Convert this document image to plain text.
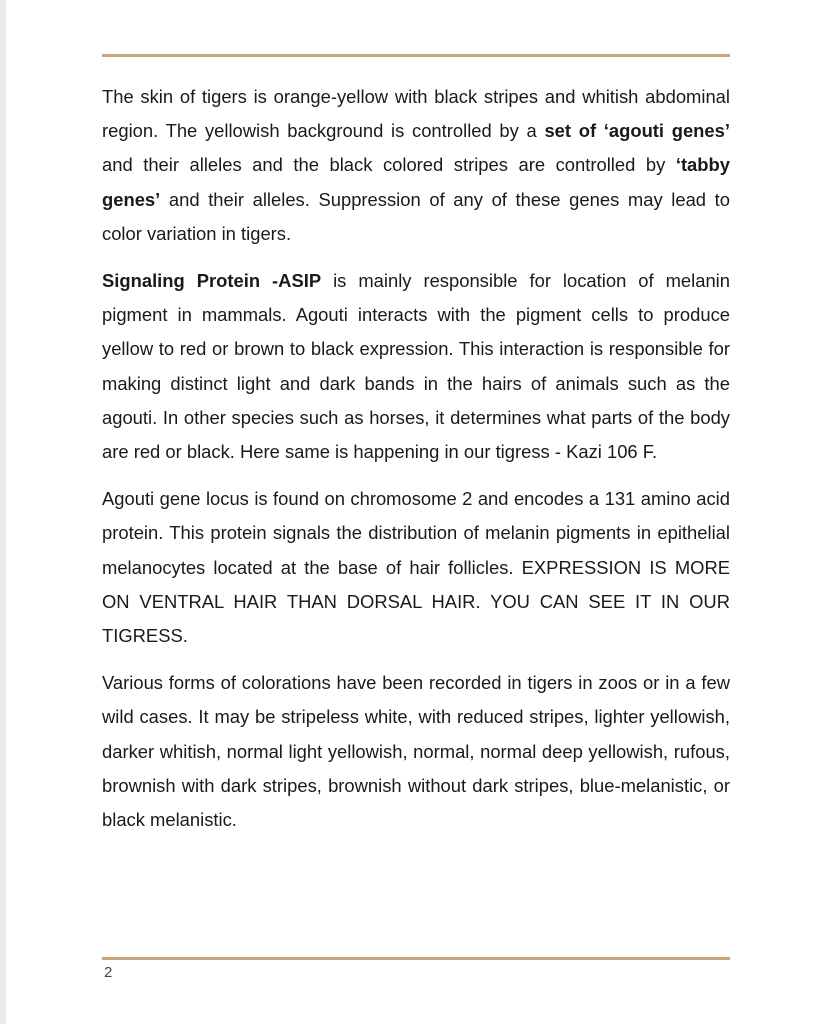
The skin of tigers is orange-yellow with black stripes and whitish abdominal region. The yellowish background is controlled by a set of ‘agouti genes’ and their alleles and the black colored stripes are controlled by ‘tabby genes’ and their alleles. Suppression of any of these genes may lead to color variation in tigers.

Signaling Protein -ASIP is mainly responsible for location of melanin pigment in mammals. Agouti interacts with the pigment cells to produce yellow to red or brown to black expression. This interaction is responsible for making distinct light and dark bands in the hairs of animals such as the agouti. In other species such as horses, it determines what parts of the body are red or black. Here same is happening in our tigress - Kazi 106 F.

Agouti gene locus is found on chromosome 2 and encodes a 131 amino acid protein. This protein signals the distribution of melanin pigments in epithelial melanocytes located at the base of hair follicles. EXPRESSION IS MORE ON VENTRAL HAIR THAN DORSAL HAIR. YOU CAN SEE IT IN OUR TIGRESS.

Various forms of colorations have been recorded in tigers in zoos or in a few wild cases. It may be stripeless white, with reduced stripes, lighter yellowish, darker whitish, normal light yellowish, normal, normal deep yellowish, rufous, brownish with dark stripes, brownish without dark stripes, blue-melanistic, or black melanistic.

2
